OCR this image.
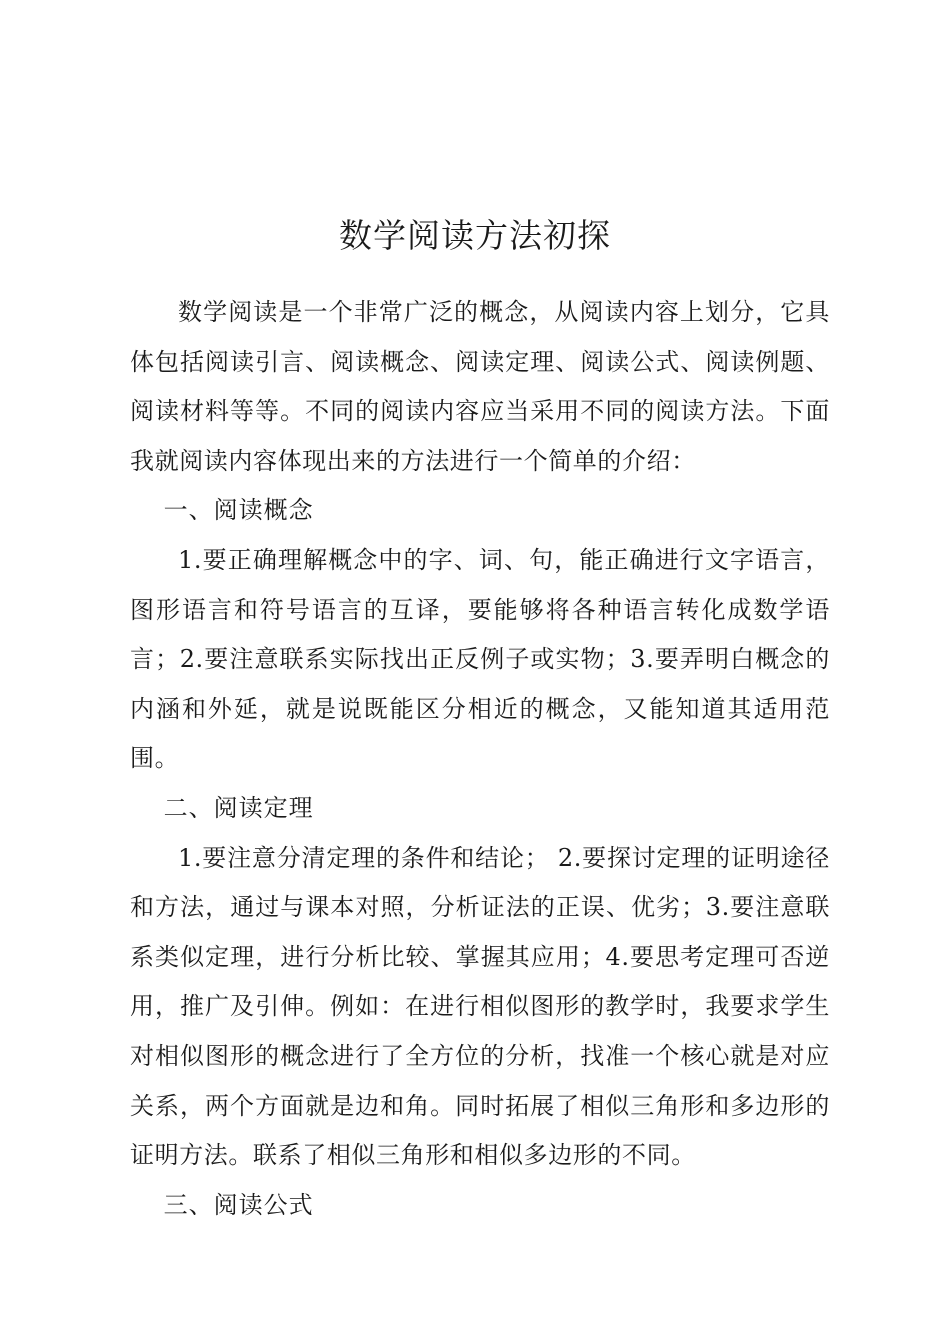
数学阅读方法初探

数学阅读是一个非常广泛的概念，从阅读内容上划分，它具体包括阅读引言、阅读概念、阅读定理、阅读公式、阅读例题、阅读材料等等。不同的阅读内容应当采用不同的阅读方法。下面我就阅读内容体现出来的方法进行一个简单的介绍：

一、阅读概念

1.要正确理解概念中的字、词、句，能正确进行文字语言，图形语言和符号语言的互译，要能够将各种语言转化成数学语言；2.要注意联系实际找出正反例子或实物；3.要弄明白概念的内涵和外延，就是说既能区分相近的概念，又能知道其适用范围。

二、阅读定理

1.要注意分清定理的条件和结论； 2.要探讨定理的证明途径和方法，通过与课本对照，分析证法的正误、优劣；3.要注意联系类似定理，进行分析比较、掌握其应用；4.要思考定理可否逆用，推广及引伸。例如：在进行相似图形的教学时，我要求学生对相似图形的概念进行了全方位的分析，找准一个核心就是对应关系，两个方面就是边和角。同时拓展了相似三角形和多边形的证明方法。联系了相似三角形和相似多边形的不同。

三、阅读公式
